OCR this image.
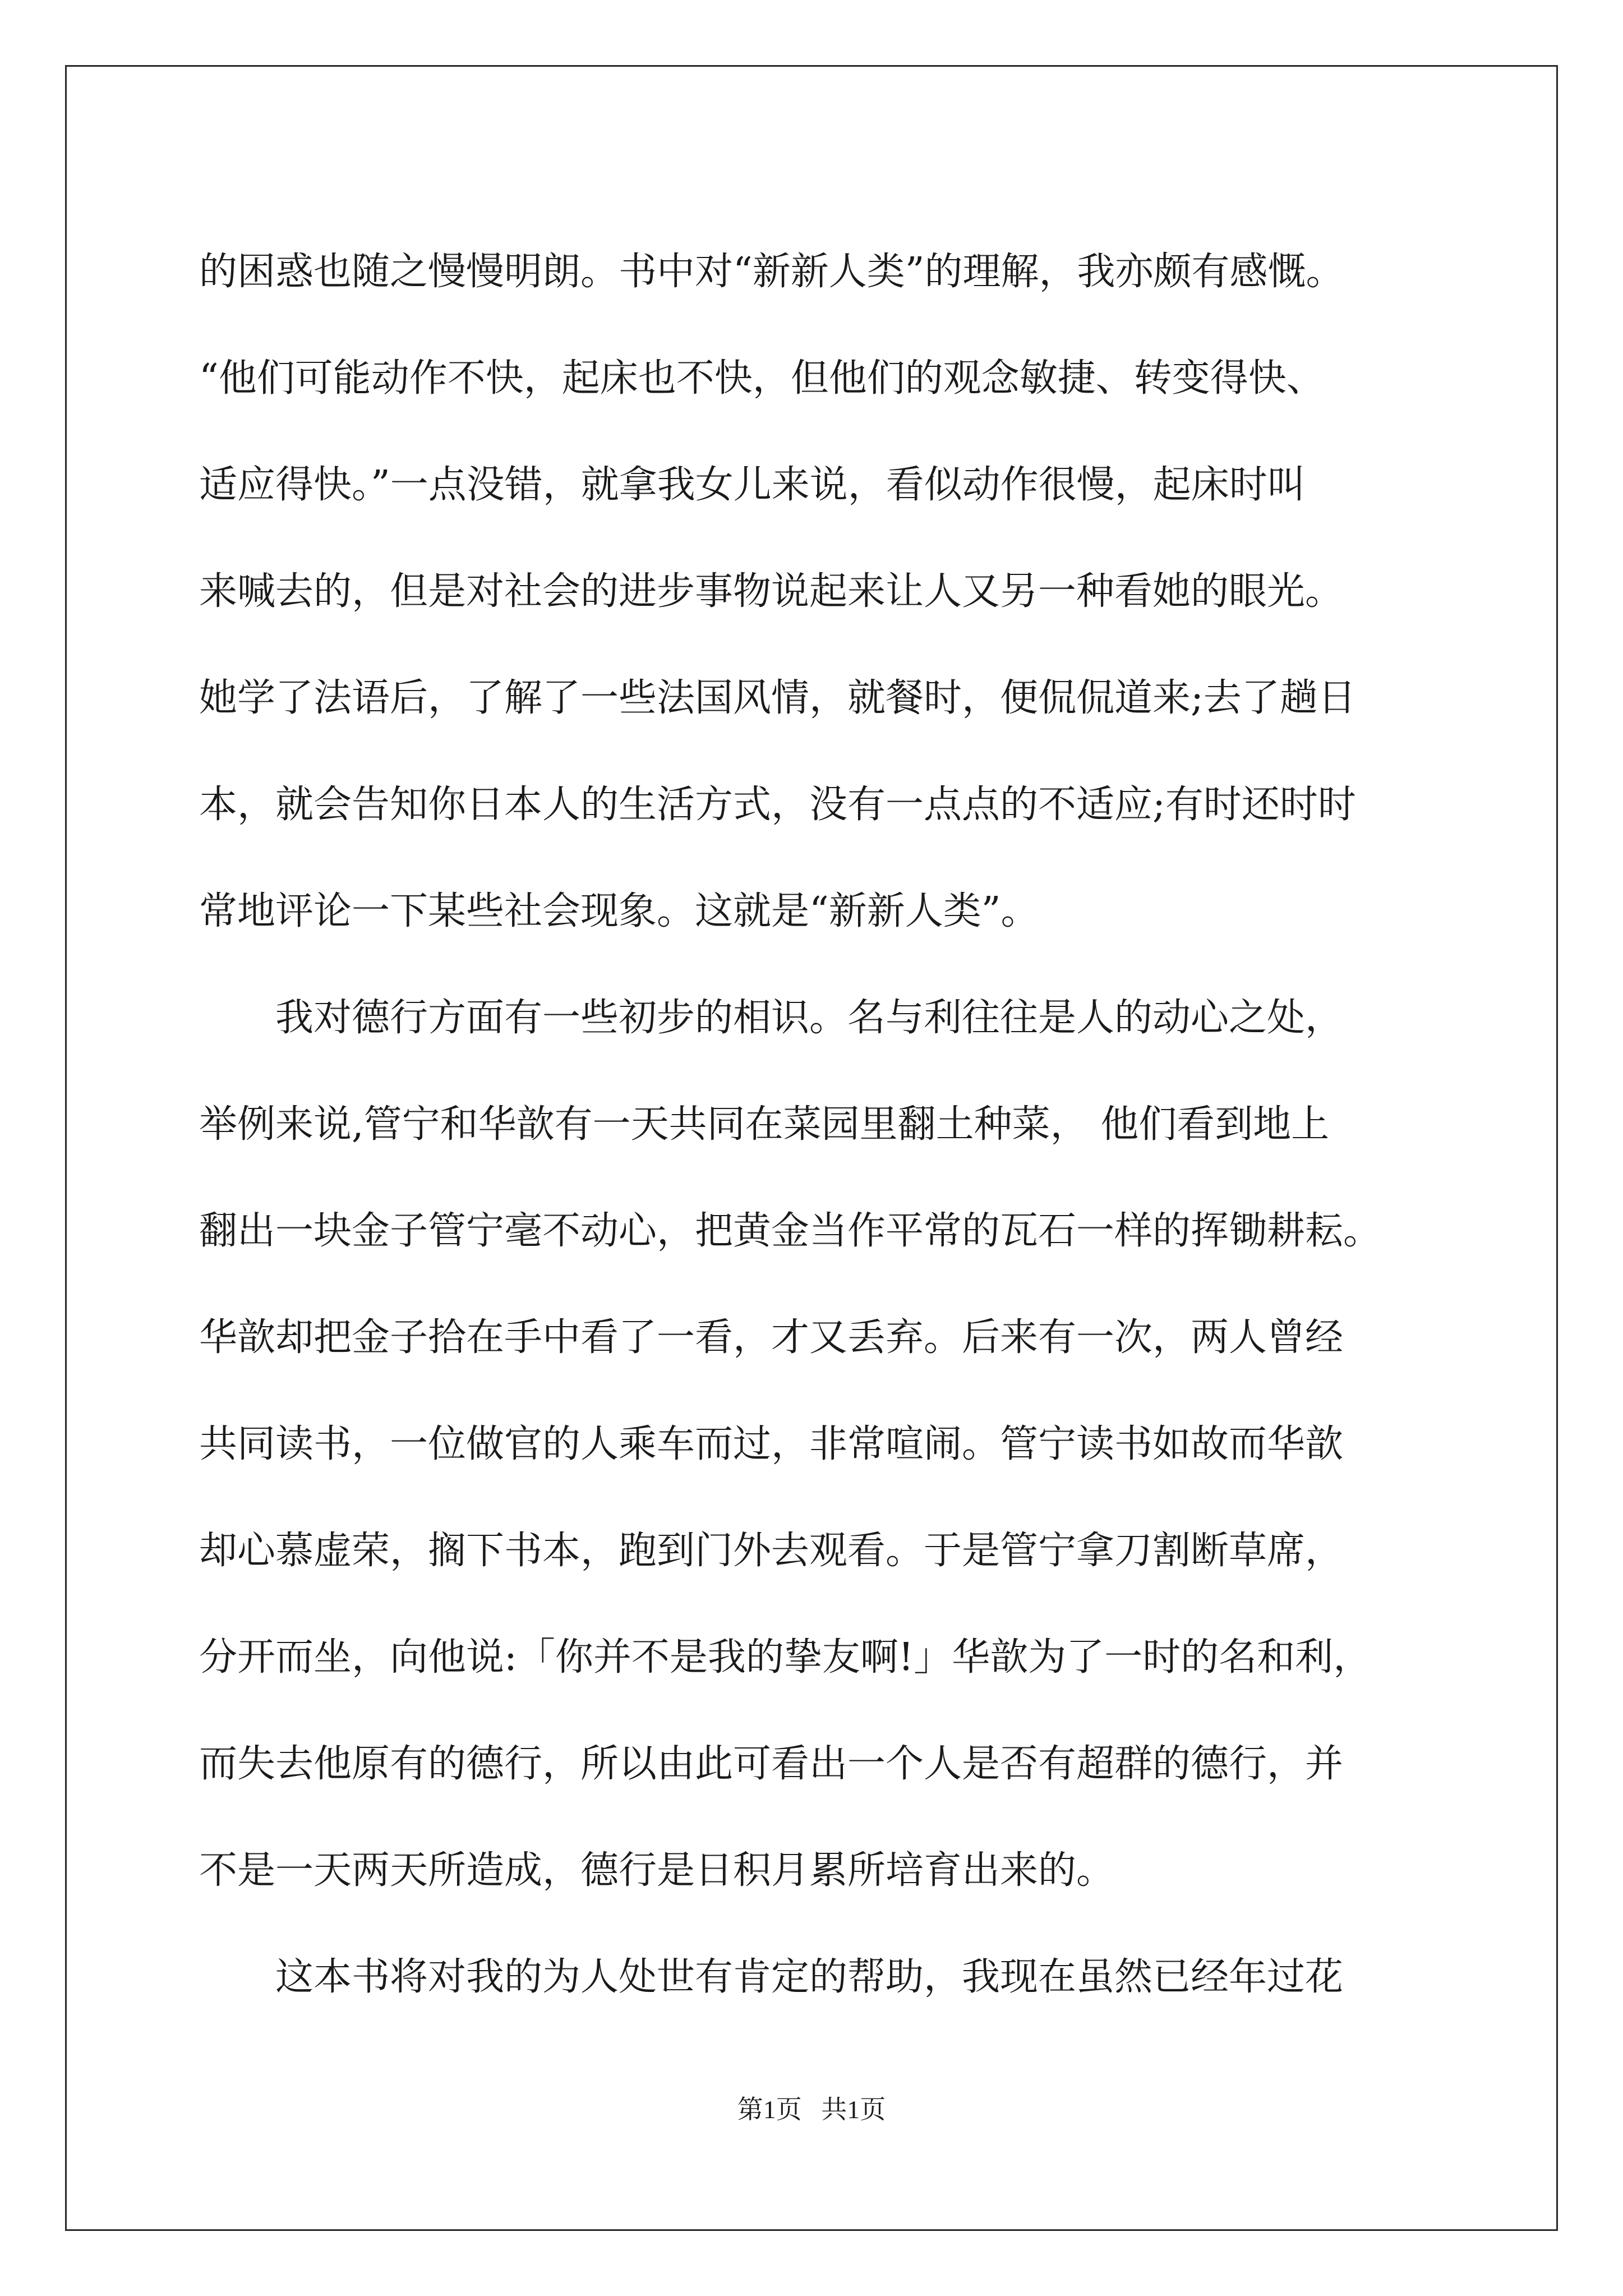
的困惑也随之慢慢明朗。书中对“新新人类”的理解，我亦颇有感慨。
“他们可能动作不快，起床也不快，但他们的观念敏捷、转变得快、
适应得快。”一点没错，就拿我女儿来说，看似动作很慢，起床时叫
来喊去的，但是对社会的进步事物说起来让人又另一种看她的眼光。
她学了法语后，了解了一些法国风情，就餐时，便侃侃道来;去了趟日
本，就会告知你日本人的生活方式，没有一点点的不适应;有时还时时
常地评论一下某些社会现象。这就是“新新人类”。
　　我对德行方面有一些初步的相识。名与利往往是人的动心之处，
举例来说,管宁和华歆有一天共同在菜园里翻土种菜， 他们看到地上
翻出一块金子管宁毫不动心，把黄金当作平常的瓦石一样的挥锄耕耘。
华歆却把金子拾在手中看了一看，才又丢弃。后来有一次，两人曾经
共同读书，一位做官的人乘车而过，非常喧闹。管宁读书如故而华歆
却心慕虚荣，搁下书本，跑到门外去观看。于是管宁拿刀割断草席，
分开而坐，向他说:「你并不是我的挚友啊!」华歆为了一时的名和利，
而失去他原有的德行，所以由此可看出一个人是否有超群的德行，并
不是一天两天所造成，德行是日积月累所培育出来的。
　　这本书将对我的为人处世有肯定的帮助，我现在虽然已经年过花
第1页 共1页
